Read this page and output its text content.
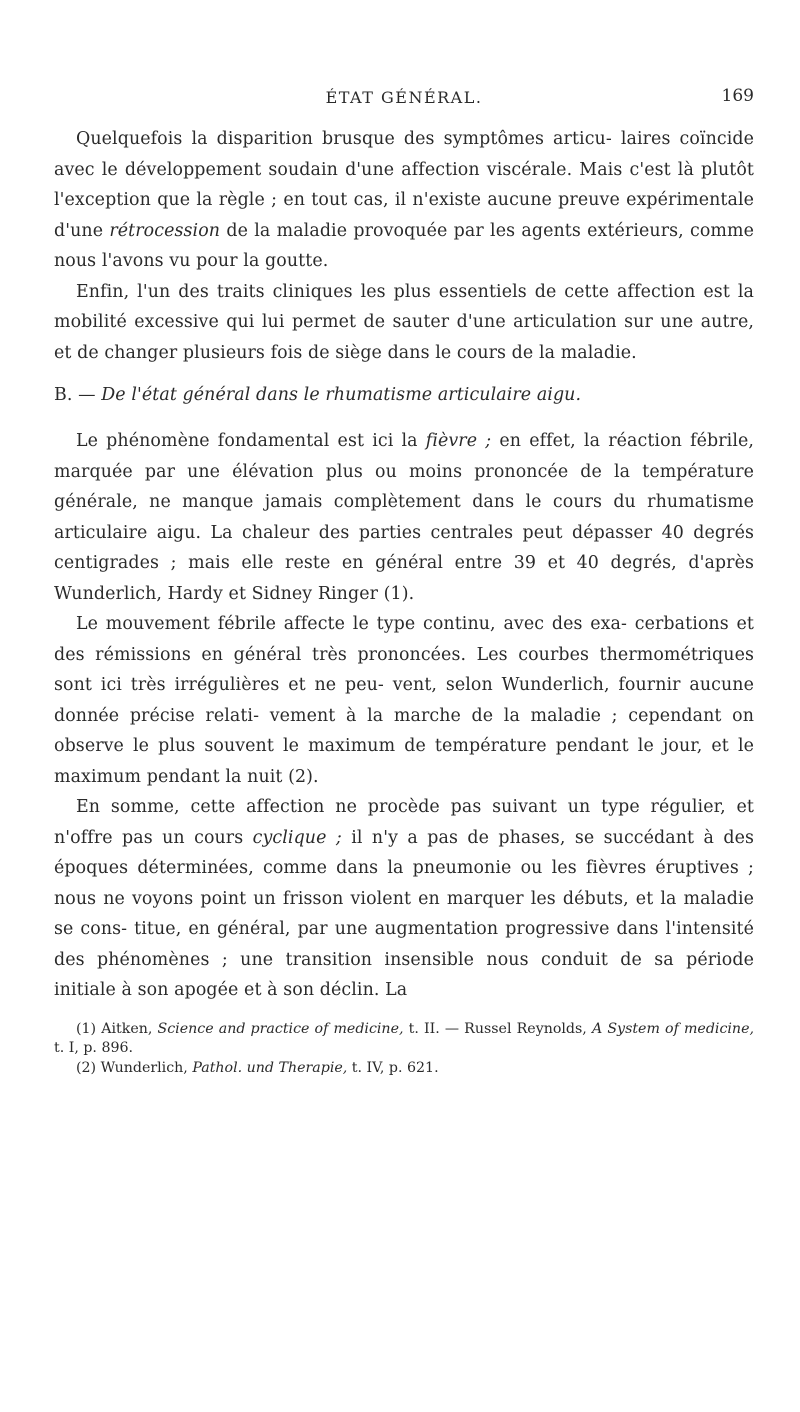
ÉTAT GÉNÉRAL.	169

Quelquefois la disparition brusque des symptômes articu- laires coïncide avec le développement soudain d'une affection viscérale. Mais c'est là plutôt l'exception que la règle ; en tout cas, il n'existe aucune preuve expérimentale d'une rétrocession de la maladie provoquée par les agents extérieurs, comme nous l'avons vu pour la goutte.

Enfin, l'un des traits cliniques les plus essentiels de cette affection est la mobilité excessive qui lui permet de sauter d'une articulation sur une autre, et de changer plusieurs fois de siège dans le cours de la maladie.

B. — De l'état général dans le rhumatisme articulaire aigu.

Le phénomène fondamental est ici la fièvre ; en effet, la réaction fébrile, marquée par une élévation plus ou moins prononcée de la température générale, ne manque jamais complètement dans le cours du rhumatisme articulaire aigu. La chaleur des parties centrales peut dépasser 40 degrés centigrades ; mais elle reste en général entre 39 et 40 degrés, d'après Wunderlich, Hardy et Sidney Ringer (1).

Le mouvement fébrile affecte le type continu, avec des exa- cerbations et des rémissions en général très prononcées. Les courbes thermométriques sont ici très irrégulières et ne peu- vent, selon Wunderlich, fournir aucune donnée précise relati- vement à la marche de la maladie ; cependant on observe le plus souvent le maximum de température pendant le jour, et le maximum pendant la nuit (2).

En somme, cette affection ne procède pas suivant un type régulier, et n'offre pas un cours cyclique ; il n'y a pas de phases, se succédant à des époques déterminées, comme dans la pneumonie ou les fièvres éruptives ; nous ne voyons point un frisson violent en marquer les débuts, et la maladie se cons- titue, en général, par une augmentation progressive dans l'intensité des phénomènes ; une transition insensible nous conduit de sa période initiale à son apogée et à son déclin. La

(1) Aitken, Science and practice of medicine, t. II. — Russel Reynolds, A System of medicine, t. I, p. 896.

(2) Wunderlich, Pathol. und Therapie, t. IV, p. 621.
